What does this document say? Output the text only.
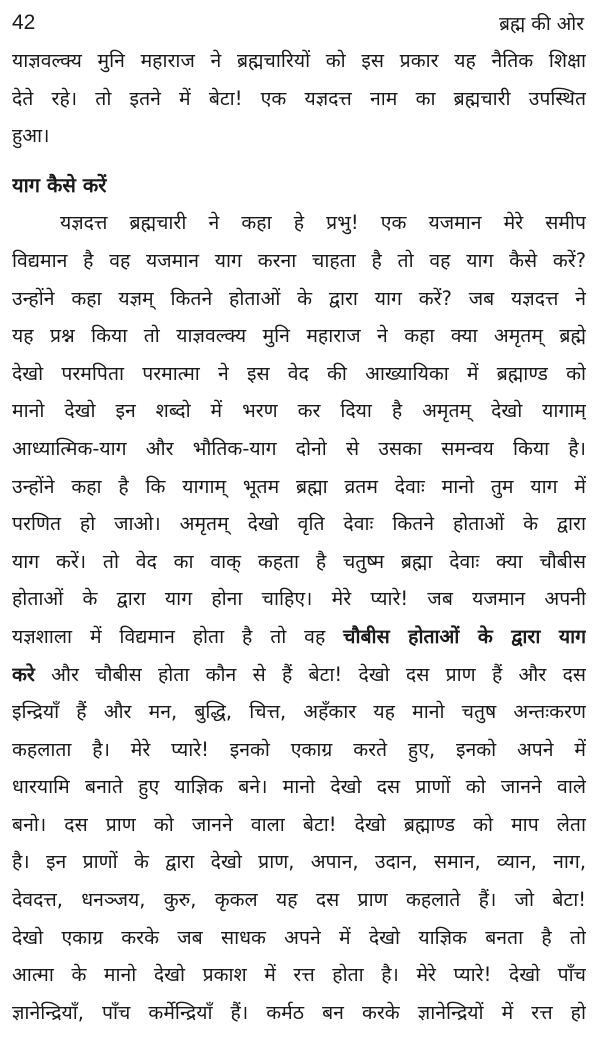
42	ब्रह्म की ओर
याज्ञवल्क्य मुनि महाराज ने ब्रह्मचारियों को इस प्रकार यह नैतिक शिक्षा
देते रहे। तो इतने में बेटा! एक यज्ञदत्त नाम का ब्रह्मचारी उपस्थित
हुआ।
याग कैसे करें
यज्ञदत्त ब्रह्मचारी ने कहा हे प्रभु! एक यजमान मेरे समीप
विद्यमान है वह यजमान याग करना चाहता है तो वह याग कैसे करें?
उन्होंने कहा यज्ञम् कितने होताओं के द्वारा याग करें? जब यज्ञदत्त ने
यह प्रश्न किया तो याज्ञवल्क्य मुनि महाराज ने कहा क्या अमृतम् ब्रह्मे
देखो परमपिता परमात्मा ने इस वेद की आख्यायिका में ब्रह्माण्ड को
मानो देखो इन शब्दो में भरण कर दिया है अमृतम् देखो यागाम्
आध्यात्मिक-याग और भौतिक-याग दोनो से उसका समन्वय किया है।
उन्होंने कहा है कि यागाम् भूतम ब्रह्मा व्रतम देवाः मानो तुम याग में
परणित हो जाओ। अमृतम् देखो वृति देवाः कितने होताओं के द्वारा
याग करें। तो वेद का वाक् कहता है चतुष्म ब्रह्मा देवाः क्या चौबीस
होताओं के द्वारा याग होना चाहिए। मेरे प्यारे! जब यजमान अपनी
यज्ञशाला में विद्यमान होता है तो वह चौबीस होताओं के द्वारा याग
करे और चौबीस होता कौन से हैं बेटा! देखो दस प्राण हैं और दस
इन्द्रियाँ हैं और मन, बुद्धि, चित्त, अहँकार यह मानो चतुष अन्तःकरण
कहलाता है। मेरे प्यारे! इनको एकाग्र करते हुए, इनको अपने में
धारयामि बनाते हुए याज्ञिक बने। मानो देखो दस प्राणों को जानने वाले
बनो। दस प्राण को जानने वाला बेटा! देखो ब्रह्माण्ड को माप लेता
है। इन प्राणों के द्वारा देखो प्राण, अपान, उदान, समान, व्यान, नाग,
देवदत्त, धनञ्जय, कुरु, कृकल यह दस प्राण कहलाते हैं। जो बेटा!
देखो एकाग्र करके जब साधक अपने में देखो याज्ञिक बनता है तो
आत्मा के मानो देखो प्रकाश में रत्त होता है। मेरे प्यारे! देखो पाँच
ज्ञानेन्द्रियाँ, पाँच कर्मेन्द्रियाँ हैं। कर्मठ बन करके ज्ञानेन्द्रियों में रत्त हो
